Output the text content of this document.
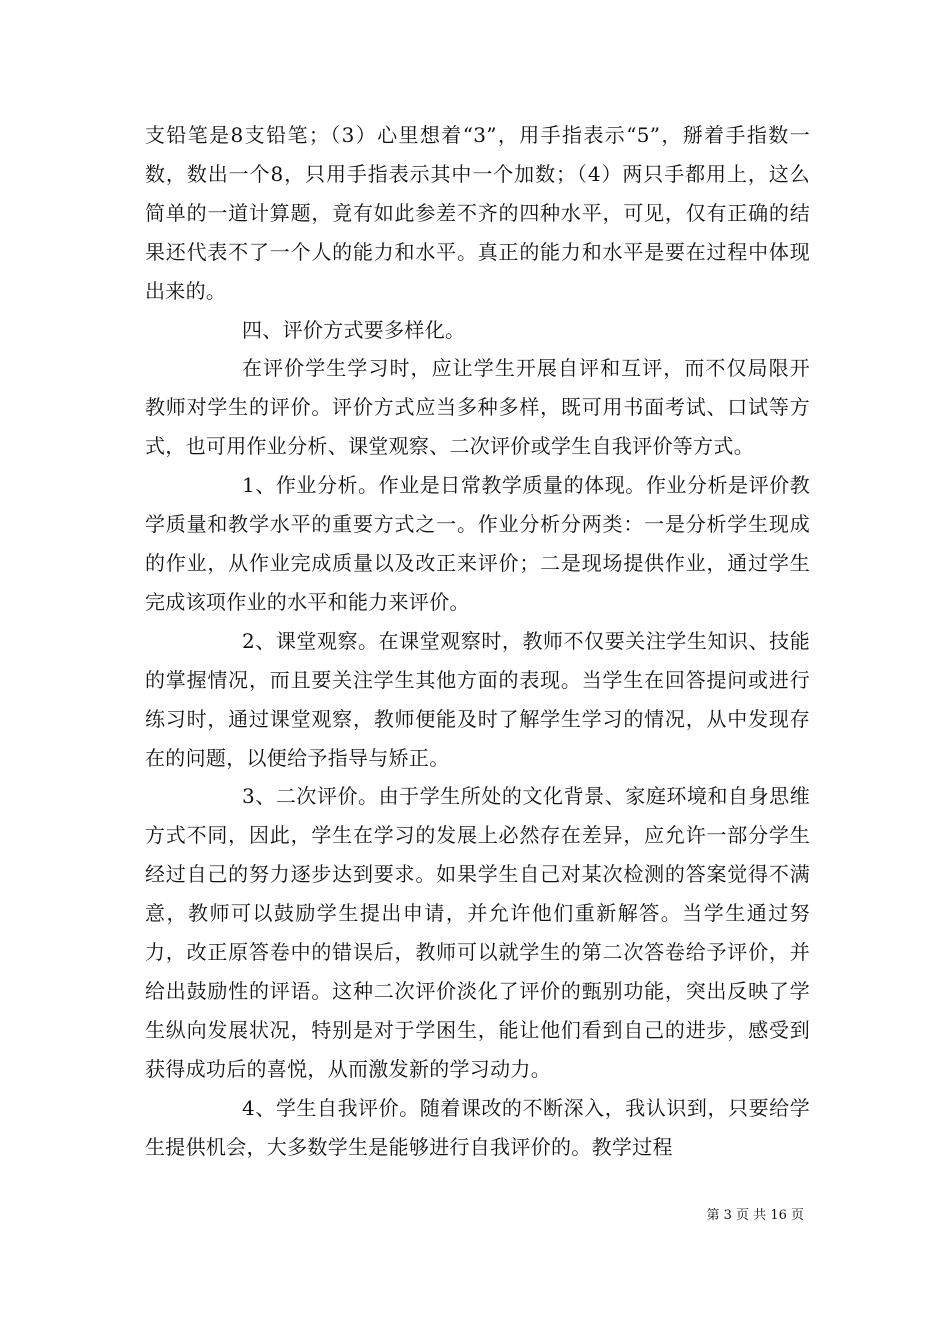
支铅笔是8支铅笔；（3）心里想着“3”，用手指表示“5”，掰着手指数一数，数出一个8，只用手指表示其中一个加数；（4）两只手都用上，这么简单的一道计算题，竟有如此参差不齐的四种水平，可见，仅有正确的结果还代表不了一个人的能力和水平。真正的能力和水平是要在过程中体现出来的。

四、评价方式要多样化。

在评价学生学习时，应让学生开展自评和互评，而不仅局限开教师对学生的评价。评价方式应当多种多样，既可用书面考试、口试等方式，也可用作业分析、课堂观察、二次评价或学生自我评价等方式。

1、作业分析。作业是日常教学质量的体现。作业分析是评价教学质量和教学水平的重要方式之一。作业分析分两类：一是分析学生现成的作业，从作业完成质量以及改正来评价；二是现场提供作业，通过学生完成该项作业的水平和能力来评价。

2、课堂观察。在课堂观察时，教师不仅要关注学生知识、技能的掌握情况，而且要关注学生其他方面的表现。当学生在回答提问或进行练习时，通过课堂观察，教师便能及时了解学生学习的情况，从中发现存在的问题，以便给予指导与矫正。

3、二次评价。由于学生所处的文化背景、家庭环境和自身思维方式不同，因此，学生在学习的发展上必然存在差异，应允许一部分学生经过自己的努力逐步达到要求。如果学生自己对某次检测的答案觉得不满意，教师可以鼓励学生提出申请，并允许他们重新解答。当学生通过努力，改正原答卷中的错误后，教师可以就学生的第二次答卷给予评价，并给出鼓励性的评语。这种二次评价淡化了评价的甄别功能，突出反映了学生纵向发展状况，特别是对于学困生，能让他们看到自己的进步，感受到获得成功后的喜悦，从而激发新的学习动力。

4、学生自我评价。随着课改的不断深入，我认识到，只要给学生提供机会，大多数学生是能够进行自我评价的。教学过程

第 3 页 共 16 页
